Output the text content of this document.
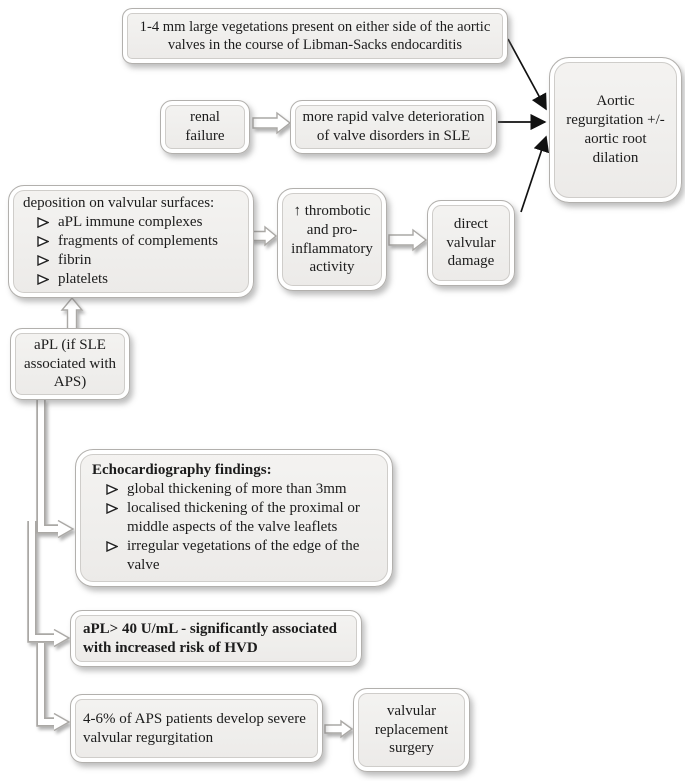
1-4 mm large vegetations present on either side of the aortic valves in the course of Libman-Sacks endocarditis
Aortic regurgitation +/- aortic root dilation
renal failure
more rapid valve deterioration of valve disorders in SLE
deposition on valvular surfaces:
aPL immune complexes
fragments of complements
fibrin
platelets
↑ thrombotic and pro-inflammatory activity
direct valvular damage
aPL (if SLE associated with APS)
Echocardiography findings:
global thickening of more than 3mm
localised thickening of the proximal or middle aspects of the valve leaflets
irregular vegetations of the edge of the valve
aPL> 40 U/mL - significantly associated with increased risk of HVD
4-6% of APS patients develop severe valvular regurgitation
valvular replacement surgery
